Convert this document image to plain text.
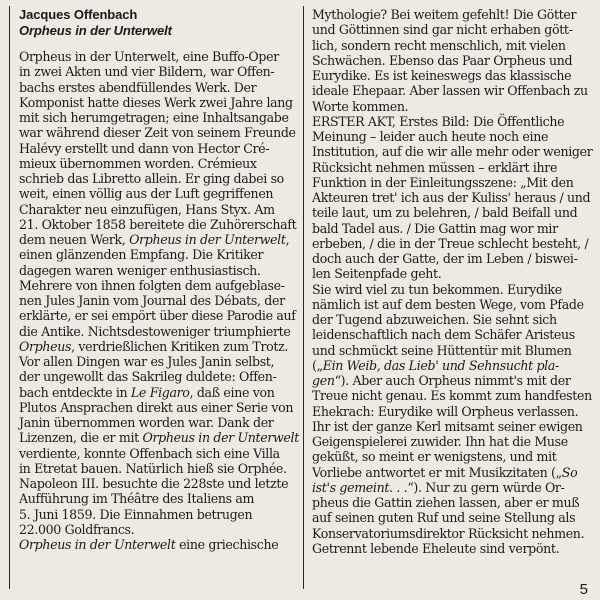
Jacques Offenbach
Orpheus in der Unterwelt
Orpheus in der Unterwelt, eine Buffo-Oper
in zwei Akten und vier Bildern, war Offen-
bachs erstes abendfüllendes Werk. Der
Komponist hatte dieses Werk zwei Jahre lang
mit sich herumgetragen; eine Inhaltsangabe
war während dieser Zeit von seinem Freunde
Halévy erstellt und dann von Hector Cré-
mieux übernommen worden. Crémieux
schrieb das Libretto allein. Er ging dabei so
weit, einen völlig aus der Luft gegriffenen
Charakter neu einzufügen, Hans Styx. Am
21. Oktober 1858 bereitete die Zuhörerschaft
dem neuen Werk, Orpheus in der Unterwelt,
einen glänzenden Empfang. Die Kritiker
dagegen waren weniger enthusiastisch.
Mehrere von ihnen folgten dem aufgeblase-
nen Jules Janin vom Journal des Débats, der
erklärte, er sei empört über diese Parodie auf
die Antike. Nichtsdestoweniger triumphierte
Orpheus, verdrießlichen Kritiken zum Trotz.
Vor allen Dingen war es Jules Janin selbst,
der ungewollt das Sakrileg duldete: Offen-
bach entdeckte in Le Figaro, daß eine von
Plutos Ansprachen direkt aus einer Serie von
Janin übernommen worden war. Dank der
Lizenzen, die er mit Orpheus in der Unterwelt
verdiente, konnte Offenbach sich eine Villa
in Etretat bauen. Natürlich hieß sie Orphée.
Napoleon III. besuchte die 228ste und letzte
Aufführung im Théâtre des Italiens am
5. Juni 1859. Die Einnahmen betrugen
22.000 Goldfrancs.
Orpheus in der Unterwelt eine griechische
Mythologie? Bei weitem gefehlt! Die Götter
und Göttinnen sind gar nicht erhaben gött-
lich, sondern recht menschlich, mit vielen
Schwächen. Ebenso das Paar Orpheus und
Eurydike. Es ist keineswegs das klassische
ideale Ehepaar. Aber lassen wir Offenbach zu
Worte kommen.
ERSTER AKT, Erstes Bild: Die Öffentliche
Meinung – leider auch heute noch eine
Institution, auf die wir alle mehr oder weniger
Rücksicht nehmen müssen – erklärt ihre
Funktion in der Einleitungsszene: „Mit den
Akteuren tret' ich aus der Kuliss' heraus / und
teile laut, um zu belehren, / bald Beifall und
bald Tadel aus. / Die Gattin mag wor mir
erbeben, / die in der Treue schlecht besteht, /
doch auch der Gatte, der im Leben / biswei-
len Seitenpfade geht.
Sie wird viel zu tun bekommen. Eurydike
nämlich ist auf dem besten Wege, vom Pfade
der Tugend abzuweichen. Sie sehnt sich
leidenschaftlich nach dem Schäfer Aristeus
und schmückt seine Hüttentür mit Blumen
(„Ein Weib, das Lieb' und Sehnsucht pla-
gen“). Aber auch Orpheus nimmt's mit der
Treue nicht genau. Es kommt zum handfesten
Ehekrach: Eurydike will Orpheus verlassen.
Ihr ist der ganze Kerl mitsamt seiner ewigen
Geigenspielerei zuwider. Ihn hat die Muse
geküßt, so meint er wenigstens, und mit
Vorliebe antwortet er mit Musikzitaten („So
ist's gemeint. . .“). Nur zu gern würde Or-
pheus die Gattin ziehen lassen, aber er muß
auf seinen guten Ruf und seine Stellung als
Konservatoriumsdirektor Rücksicht nehmen.
Getrennt lebende Eheleute sind verpönt.
5
